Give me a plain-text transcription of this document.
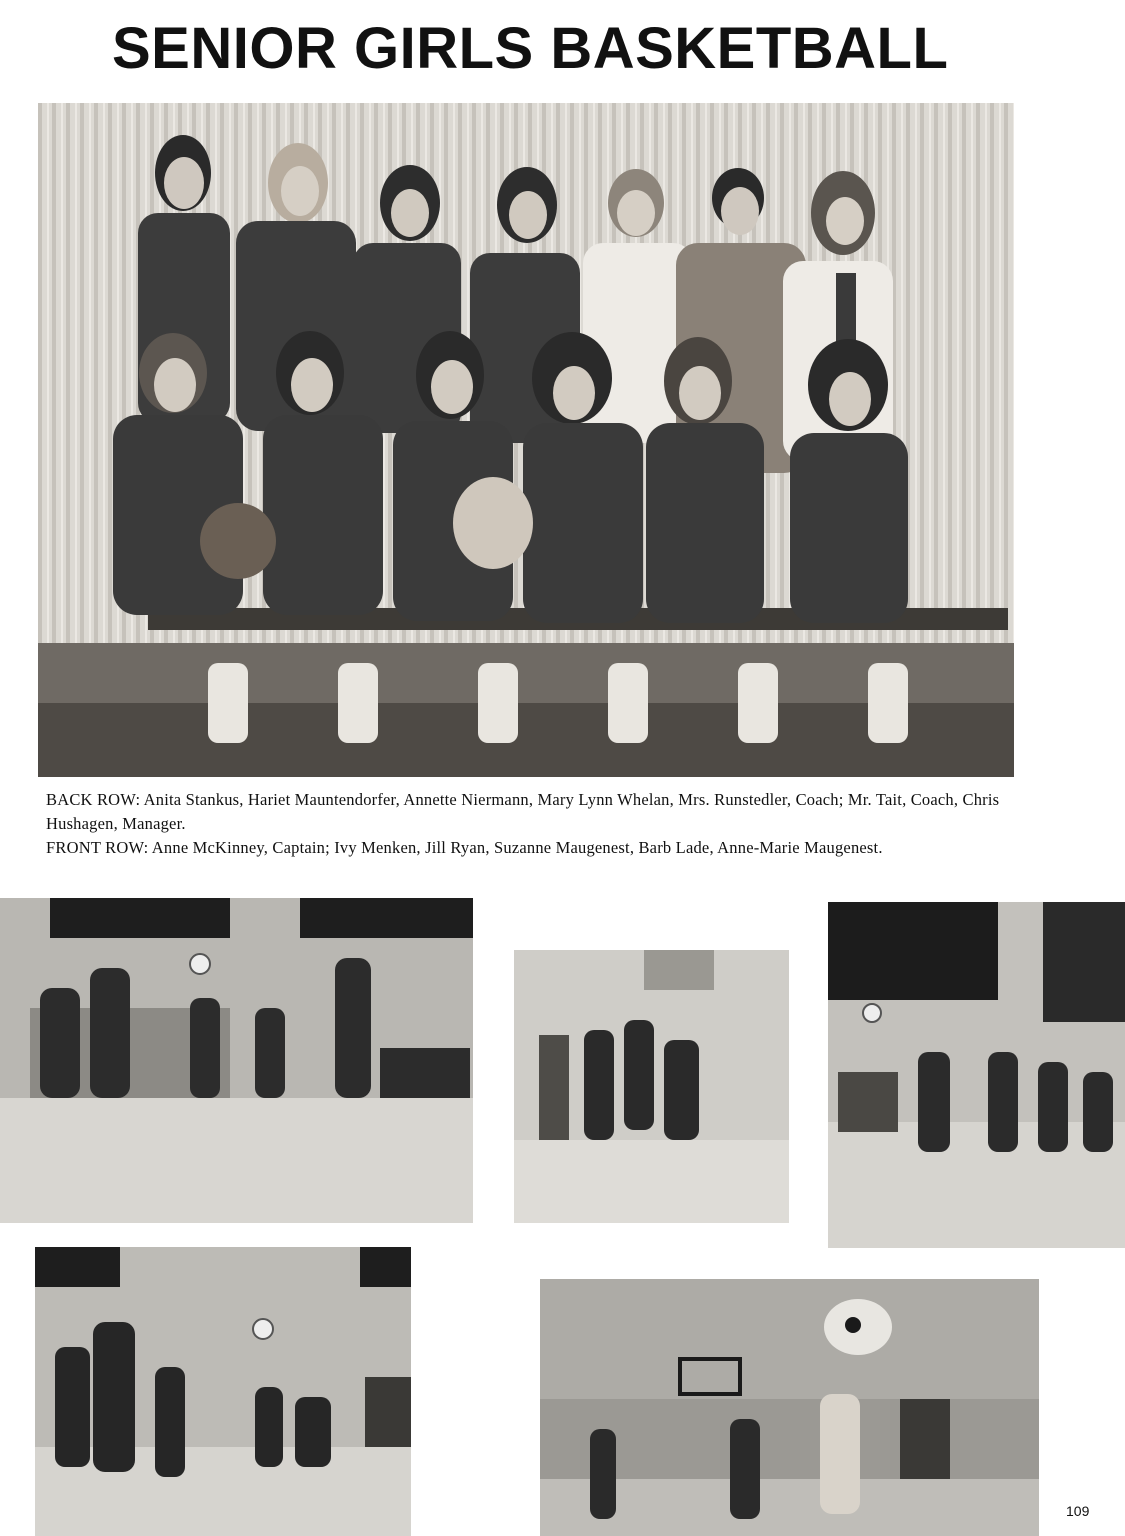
SENIOR GIRLS BASKETBALL

BACK ROW: Anita Stankus, Hariet Mauntendorfer, Annette Niermann, Mary Lynn Whelan, Mrs. Runstedler, Coach; Mr. Tait, Coach, Chris Hushagen, Manager.

FRONT ROW: Anne McKinney, Captain; Ivy Menken, Jill Ryan, Suzanne Maugenest, Barb Lade, Anne-Marie Maugenest.

109
